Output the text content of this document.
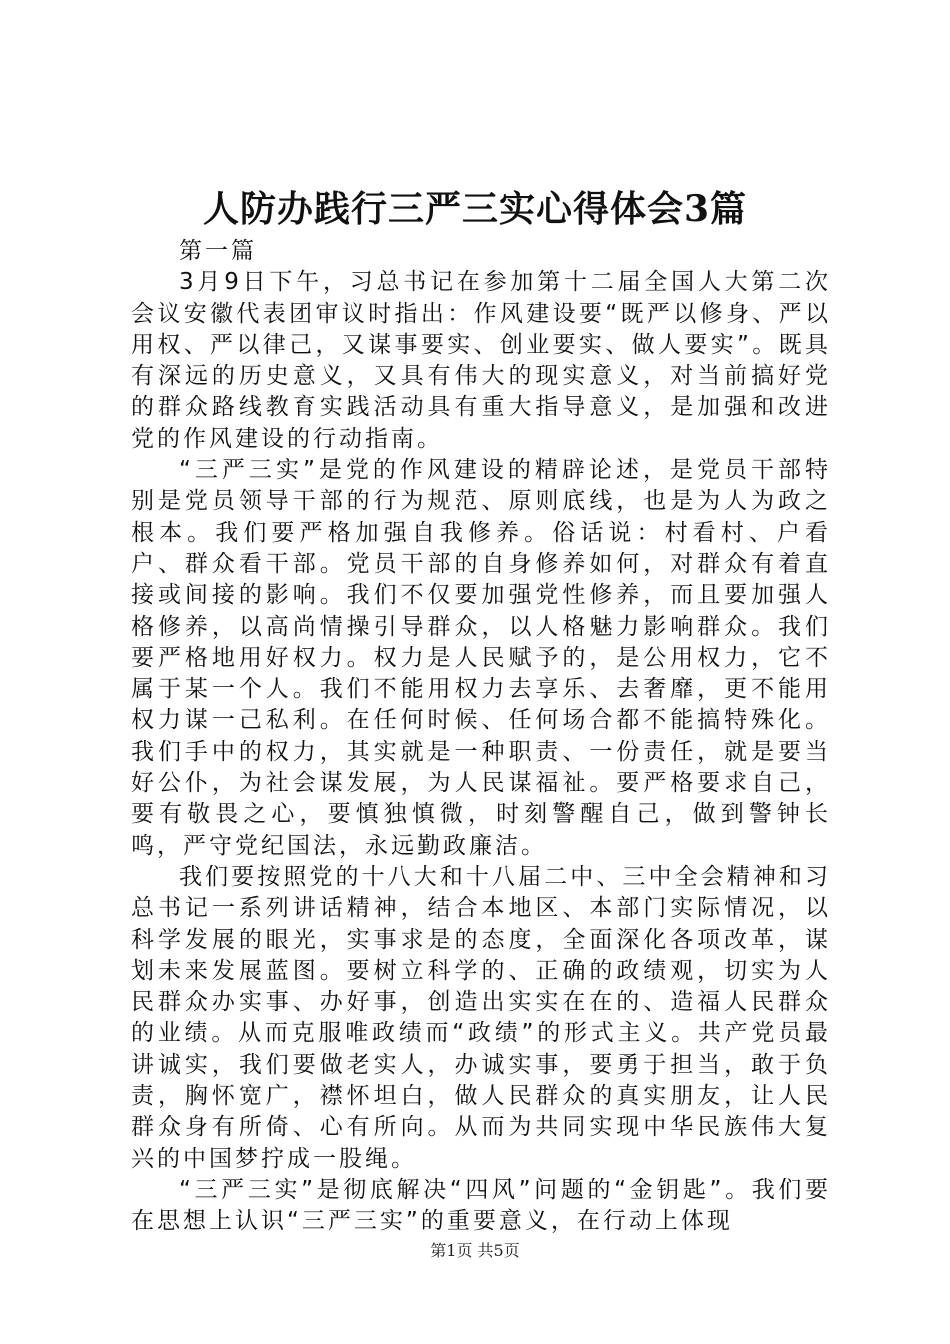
人防办践行三严三实心得体会3篇

第一篇

3月9日下午，习总书记在参加第十二届全国人大第二次会议安徽代表团审议时指出：作风建设要“既严以修身、严以用权、严以律己，又谋事要实、创业要实、做人要实”。既具有深远的历史意义，又具有伟大的现实意义，对当前搞好党的群众路线教育实践活动具有重大指导意义，是加强和改进党的作风建设的行动指南。

“三严三实”是党的作风建设的精辟论述，是党员干部特别是党员领导干部的行为规范、原则底线，也是为人为政之根本。我们要严格加强自我修养。俗话说：村看村、户看户、群众看干部。党员干部的自身修养如何，对群众有着直接或间接的影响。我们不仅要加强党性修养，而且要加强人格修养，以高尚情操引导群众，以人格魅力影响群众。我们要严格地用好权力。权力是人民赋予的，是公用权力，它不属于某一个人。我们不能用权力去享乐、去奢靡，更不能用权力谋一己私利。在任何时候、任何场合都不能搞特殊化。我们手中的权力，其实就是一种职责、一份责任，就是要当好公仆，为社会谋发展，为人民谋福祉。要严格要求自己，要有敬畏之心，要慎独慎微，时刻警醒自己，做到警钟长鸣，严守党纪国法，永远勤政廉洁。

我们要按照党的十八大和十八届二中、三中全会精神和习总书记一系列讲话精神，结合本地区、本部门实际情况，以科学发展的眼光，实事求是的态度，全面深化各项改革，谋划未来发展蓝图。要树立科学的、正确的政绩观，切实为人民群众办实事、办好事，创造出实实在在的、造福人民群众的业绩。从而克服唯政绩而“政绩”的形式主义。共产党员最讲诚实，我们要做老实人，办诚实事，要勇于担当，敢于负责，胸怀宽广，襟怀坦白，做人民群众的真实朋友，让人民群众身有所倚、心有所向。从而为共同实现中华民族伟大复兴的中国梦拧成一股绳。

“三严三实”是彻底解决“四风”问题的“金钥匙”。我们要在思想上认识“三严三实”的重要意义，在行动上体现

第1页 共5页
